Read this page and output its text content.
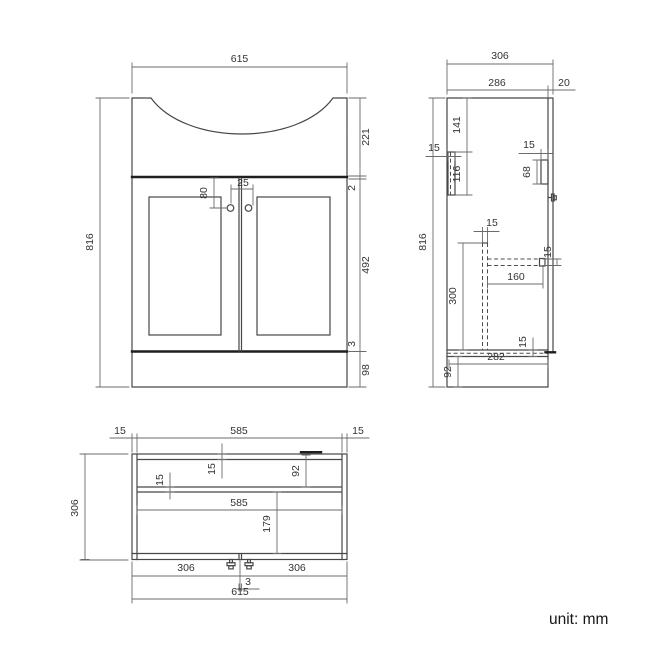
615
816
221
2
492
3
98
80
25
306
286	20
816
141
116
15	15
68
15
300
15
160
15
282
92
15	585	15
306
15
15	92
585
179
306	306
3
615
unit: mm
